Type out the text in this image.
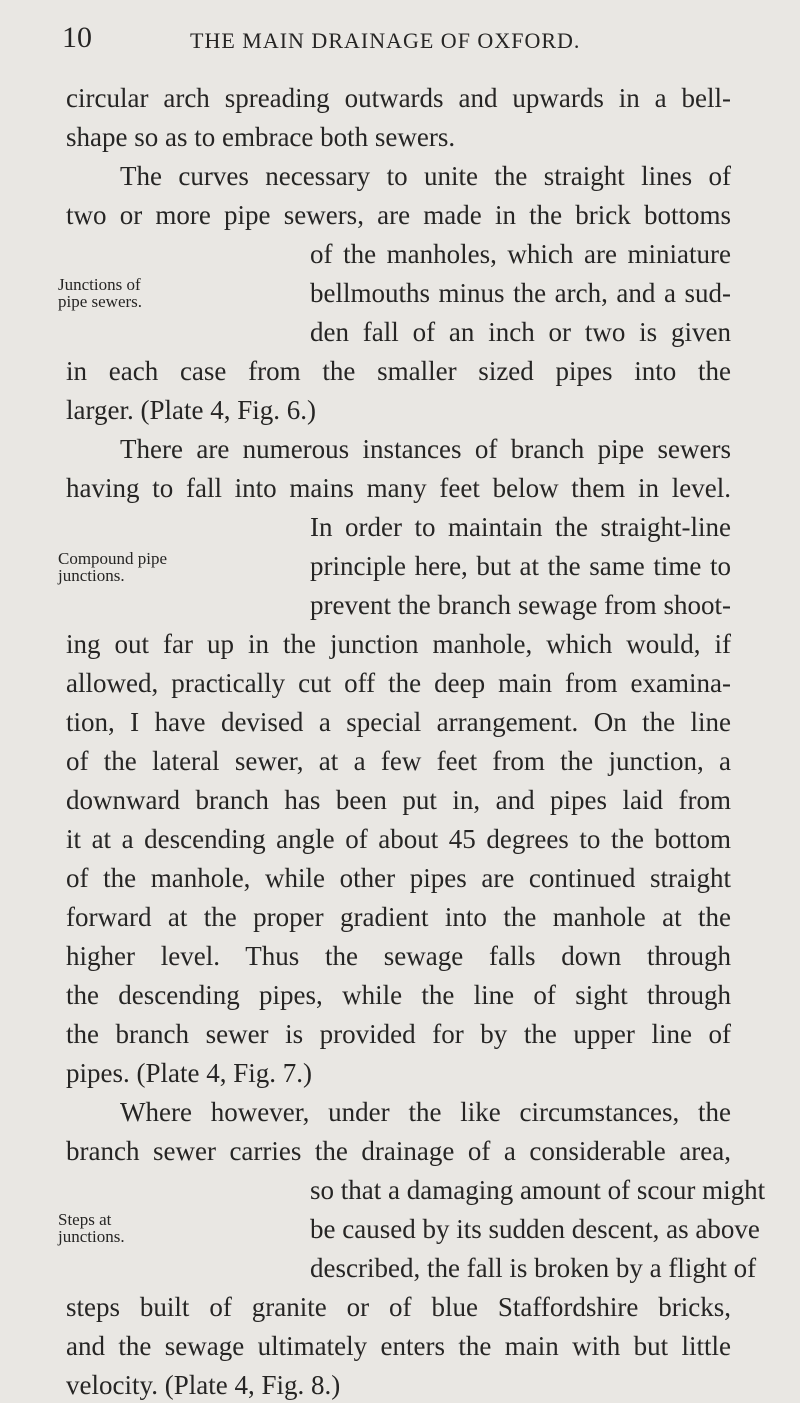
10	THE MAIN DRAINAGE OF OXFORD.
circular arch spreading outwards and upwards in a bell-
shape so as to embrace both sewers.
The curves necessary to unite the straight lines of
two or more pipe sewers, are made in the brick bottoms
of the manholes, which are miniature
bellmouths minus the arch, and a sud-
den fall of an inch or two is given
in each case from the smaller sized pipes into the
larger. (Plate 4, Fig. 6.)
There are numerous instances of branch pipe sewers
having to fall into mains many feet below them in level.
In order to maintain the straight-line
principle here, but at the same time to
prevent the branch sewage from shoot-
ing out far up in the junction manhole, which would, if
allowed, practically cut off the deep main from examina-
tion, I have devised a special arrangement. On the line
of the lateral sewer, at a few feet from the junction, a
downward branch has been put in, and pipes laid from
it at a descending angle of about 45 degrees to the bottom
of the manhole, while other pipes are continued straight
forward at the proper gradient into the manhole at the
higher level. Thus the sewage falls down through
the descending pipes, while the line of sight through
the branch sewer is provided for by the upper line of
pipes. (Plate 4, Fig. 7.)
Where however, under the like circumstances, the
branch sewer carries the drainage of a considerable area,
so that a damaging amount of scour might
be caused by its sudden descent, as above
described, the fall is broken by a flight of
steps built of granite or of blue Staffordshire bricks,
and the sewage ultimately enters the main with but little
velocity. (Plate 4, Fig. 8.)
Junctions of pipe sewers.
Compound pipe junctions.
Steps at junctions.
